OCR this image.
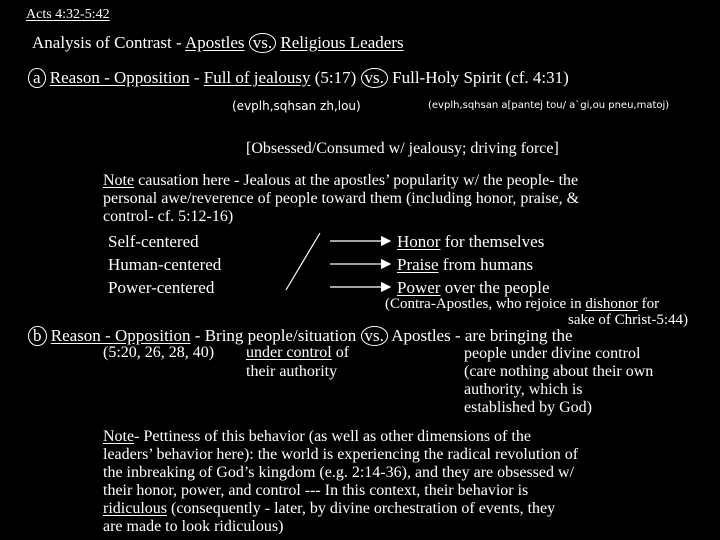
Acts 4:32-5:42
Analysis of Contrast - Apostles vs. Religious Leaders
a Reason - Opposition - Full of jealousy (5:17) vs. Full-Holy Spirit (cf. 4:31)
(evplh,sqhsan zh,lou)	(evplh,sqhsan a[pantej tou/ a`gi,ou pneu,matoj)
[Obsessed/Consumed w/ jealousy; driving force]
Note causation here - Jealous at the apostles’ popularity w/ the people- the
personal awe/reverence of people toward them (including honor, praise, &
control- cf. 5:12-16)
Self-centered
Human-centered
Power-centered
Honor for themselves
Praise from humans
Power over the people
(Contra-Apostles, who rejoice in dishonor for
sake of Christ-5:44)
b Reason - Opposition - Bring people/situation vs. Apostles - are bringing the
(5:20, 26, 28, 40) under control of
their authority
people under divine control
(care nothing about their own
authority, which is
established by God)
Note- Pettiness of this behavior (as well as other dimensions of the
leaders’ behavior here): the world is experiencing the radical revolution of
the inbreaking of God’s kingdom (e.g. 2:14-36), and they are obsessed w/
their honor, power, and control --- In this context, their behavior is
ridiculous (consequently - later, by divine orchestration of events, they
are made to look ridiculous)
